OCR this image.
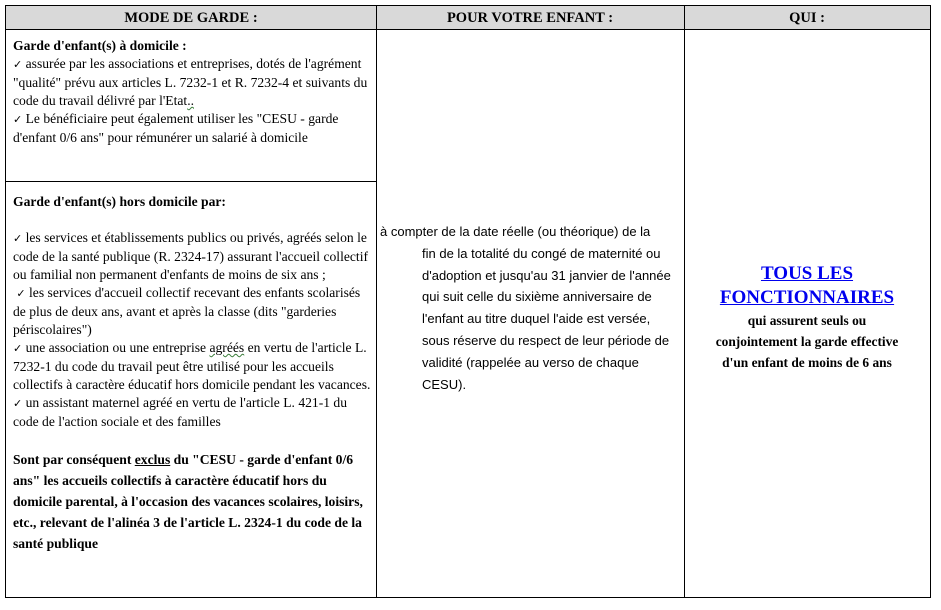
MODE DE GARDE :	POUR VOTRE ENFANT :	QUI :

Garde d'enfant(s) à domicile :

✓ assurée par les associations et entreprises, dotés de l'agrément "qualité" prévu aux articles L. 7232-1 et R. 7232-4 et suivants du code du travail délivré par l'Etat..

✓ Le bénéficiaire peut également utiliser les "CESU - garde d'enfant 0/6 ans" pour rémunérer un salarié à domicile

Garde d'enfant(s) hors domicile par:

✓ les services et établissements publics ou privés, agréés selon le code de la santé publique (R. 2324-17) assurant l'accueil collectif ou familial non permanent d'enfants de moins de six ans ;

✓ les services d'accueil collectif recevant des enfants scolarisés de plus de deux ans, avant et après la classe (dits "garderies périscolaires")

✓ une association ou une entreprise agréés en vertu de l'article L. 7232-1 du code du travail peut être utilisé pour les accueils collectifs à caractère éducatif hors domicile pendant les vacances.

✓ un assistant maternel agréé en vertu de l'article L. 421-1 du code de l'action sociale et des familles

Sont par conséquent exclus du "CESU - garde d'enfant 0/6 ans" les accueils collectifs à caractère éducatif hors du domicile parental, à l'occasion des vacances scolaires, loisirs, etc., relevant de l'alinéa 3 de l'article L. 2324-1 du code de la santé publique

à compter de la date réelle (ou théorique) de la
fin de la totalité du congé de maternité ou d'adoption et jusqu'au 31 janvier de l'année qui suit celle du sixième anniversaire de l'enfant au titre duquel l'aide est versée, sous réserve du respect de leur période de validité (rappelée au verso de chaque CESU).
TOUS LES
FONCTIONNAIRES
qui assurent seuls ou conjointement la garde effective d'un enfant de moins de 6 ans
